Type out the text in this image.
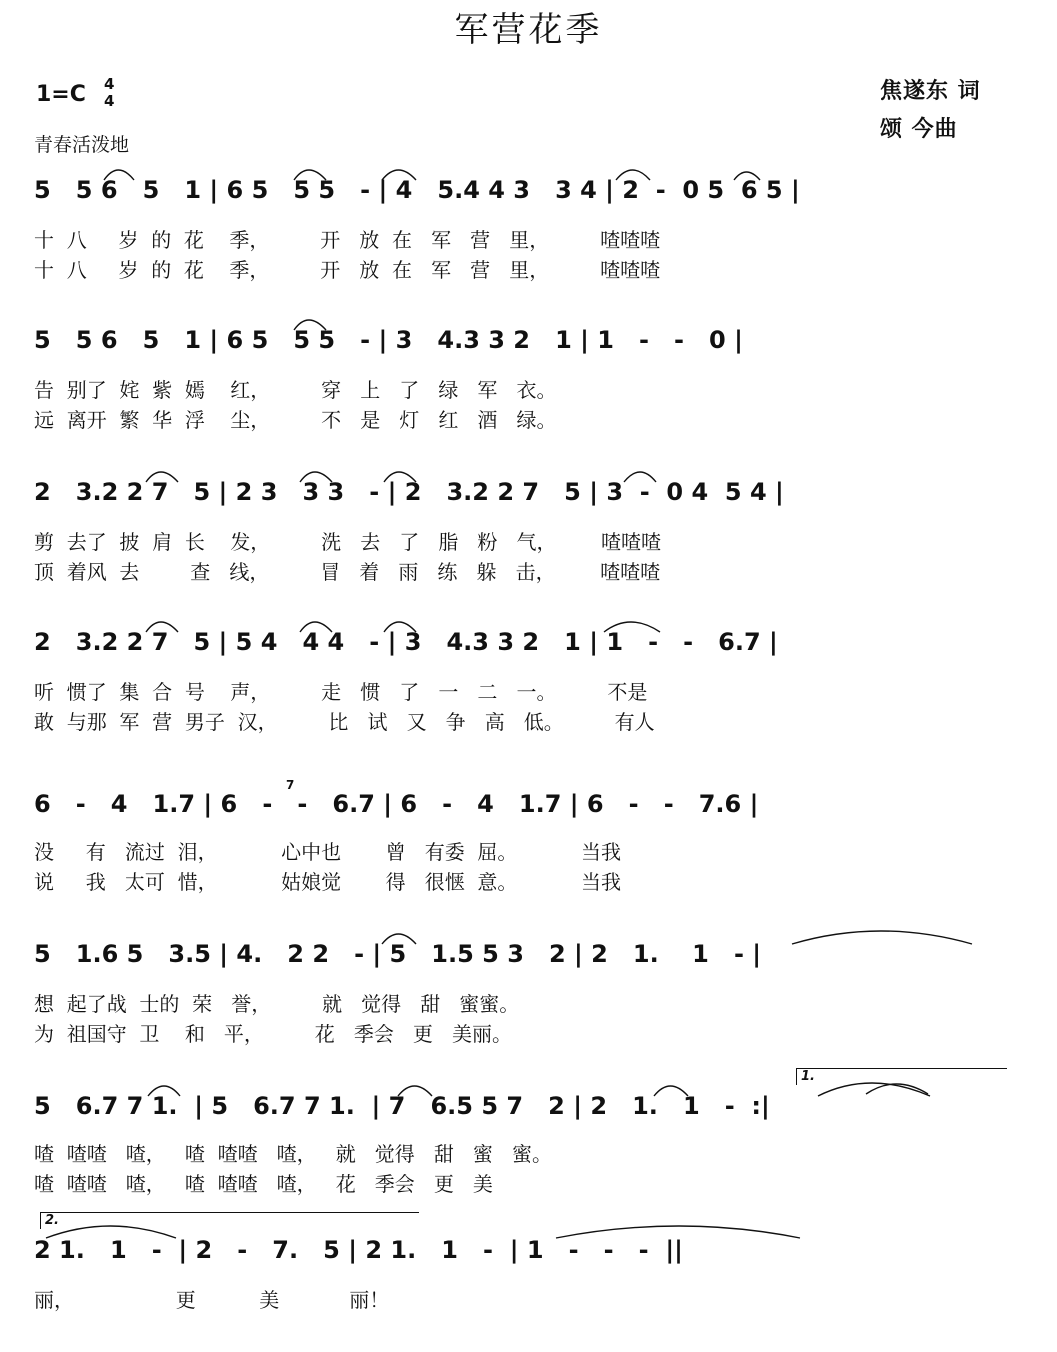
军营花季
1=C 4
4
青春活泼地
焦遂东 词
颂 今曲
5   5 6   5   1 | 6 5   5 5   - | 4   5.4 4 3   3 4 | 2  -  0 5  6 5 |
十  八     岁  的  花    季，        开   放  在   军   营   里，        喳喳喳
十  八     岁  的  花    季，        开   放  在   军   营   里，        喳喳喳
5   5 6   5   1 | 6 5   5 5   - | 3   4.3 3 2   1 | 1   -   -   0 |
告  别了  姹  紫  嫣    红，        穿   上   了   绿   军   衣。
远  离开  繁  华  浮    尘，        不   是   灯   红   酒   绿。
2   3.2 2 7   5 | 2 3   3 3   - | 2   3.2 2 7   5 | 3  -  0 4  5 4 |
剪  去了  披  肩  长    发，        洗   去   了   脂   粉   气，       喳喳喳
顶  着风  去        查   线，        冒   着   雨   练   躲   击，       喳喳喳
2   3.2 2 7   5 | 5 4   4 4   - | 3   4.3 3 2   1 | 1   -   -   6.7 |
听  惯了  集  合  号    声，        走   惯   了   一   二   一。        不是
敢  与那  军  营  男子  汉，        比   试   又   争   高   低。        有人
6   -   4   1.7 | 6   -   -   6.7 | 6   -   4   1.7 | 6   -   -   7.6 |
没     有   流过  泪，          心中也       曾   有委  屈。          当我
说     我   太可  惜，          姑娘觉       得   很惬  意。          当我
5   1.6 5   3.5 | 4.   2 2   - | 5   1.5 5 3   2 | 2   1.    1   - |
想  起了战  士的  荣   誉，        就   觉得   甜   蜜蜜。
为  祖国守  卫    和   平，        花   季会   更   美丽。
5   6.7 7 1.  | 5   6.7 7 1.  | 7   6.5 5 7   2 | 2   1.   1   -  :|
喳  喳喳   喳，   喳  喳喳   喳，   就   觉得   甜   蜜   蜜。
喳  喳喳   喳，   喳  喳喳   喳，   花   季会   更   美
2 1.   1   -  | 2   -   7.   5 | 2 1.   1   -  | 1   -   -   -  ||
丽，                更          美           丽！
1.
2.
7
